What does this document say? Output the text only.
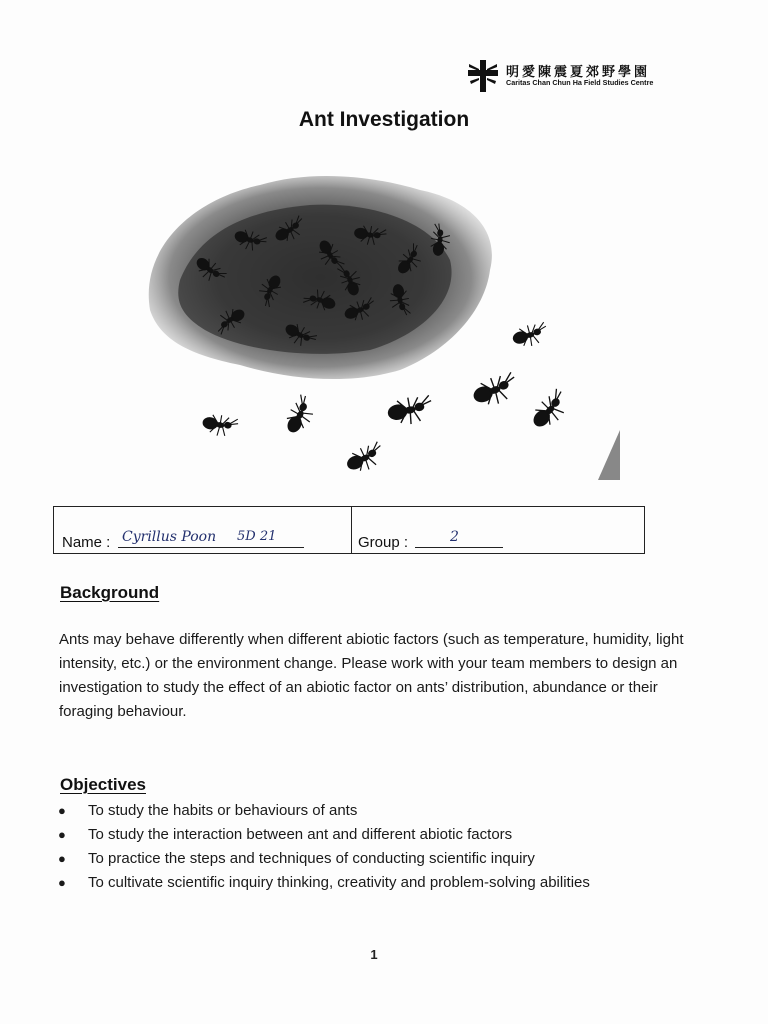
明愛陳震夏郊野學園
Caritas Chan Chun Ha Field Studies Centre
Ant Investigation
Name : Cyrillus Poon 5D 21	Group :	2
Background

Ants may behave differently when different abiotic factors (such as temperature, humidity, light intensity, etc.) or the environment change. Please work with your team members to design an investigation to study the effect of an abiotic factor on ants’ distribution, abundance or their foraging behaviour.

Objectives
● To study the habits or behaviours of ants
● To study the interaction between ant and different abiotic factors
● To practice the steps and techniques of conducting scientific inquiry
● To cultivate scientific inquiry thinking, creativity and problem-solving abilities
1
